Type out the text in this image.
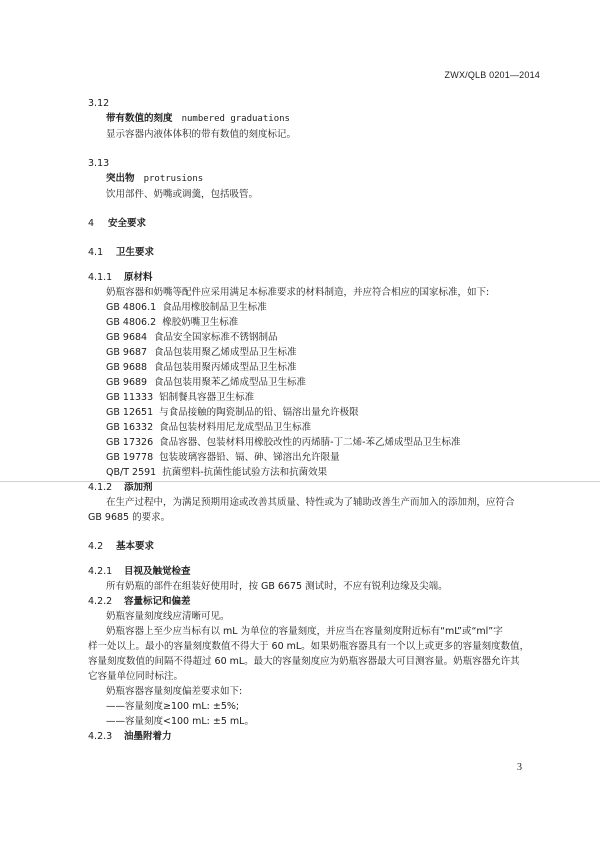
ZWX/QLB 0201—2014
3.12
带有数值的刻度 numbered graduations
显示容器内液体体积的带有数值的刻度标记。
3.13
突出物 protrusions
饮用部件、奶嘴或调羹，包括吸管。
4 安全要求
4.1 卫生要求
4.1.1 原材料
奶瓶容器和奶嘴等配件应采用满足本标准要求的材料制造，并应符合相应的国家标准，如下:
GB 4806.1 食品用橡胶制品卫生标准
GB 4806.2 橡胶奶嘴卫生标准
GB 9684 食品安全国家标准不锈钢制品
GB 9687 食品包装用聚乙烯成型品卫生标准
GB 9688 食品包装用聚丙烯成型品卫生标准
GB 9689 食品包装用聚苯乙烯成型品卫生标准
GB 11333 铝制餐具容器卫生标准
GB 12651 与食品接触的陶瓷制品的铅、镉溶出量允许极限
GB 16332 食品包装材料用尼龙成型品卫生标准
GB 17326 食品容器、包装材料用橡胶改性的丙烯腈-丁二烯-苯乙烯成型品卫生标准
GB 19778 包装玻璃容器铅、镉、砷、锑溶出允许限量
QB/T 2591 抗菌塑料-抗菌性能试验方法和抗菌效果
4.1.2 添加剂
在生产过程中，为满足预期用途或改善其质量、特性或为了辅助改善生产而加入的添加剂，应符合
GB 9685 的要求。
4.2 基本要求
4.2.1 目视及触觉检查
所有奶瓶的部件在组装好使用时，按 GB 6675 测试时，不应有锐利边缘及尖端。
4.2.2 容量标记和偏差
奶瓶容量刻度线应清晰可见。
奶瓶容器上至少应当标有以 mL 为单位的容量刻度，并应当在容量刻度附近标有“mL”或“ml”字
样一处以上。最小的容量刻度数值不得大于 60 mL。如果奶瓶容器具有一个以上或更多的容量刻度数值，
容量刻度数值的间隔不得超过 60 mL。最大的容量刻度应为奶瓶容器最大可目测容量。奶瓶容器允许其
它容量单位同时标注。
奶瓶容器容量刻度偏差要求如下:
——容量刻度≥100 mL: ±5%;
——容量刻度<100 mL: ±5 mL。
4.2.3 油墨附着力
3
